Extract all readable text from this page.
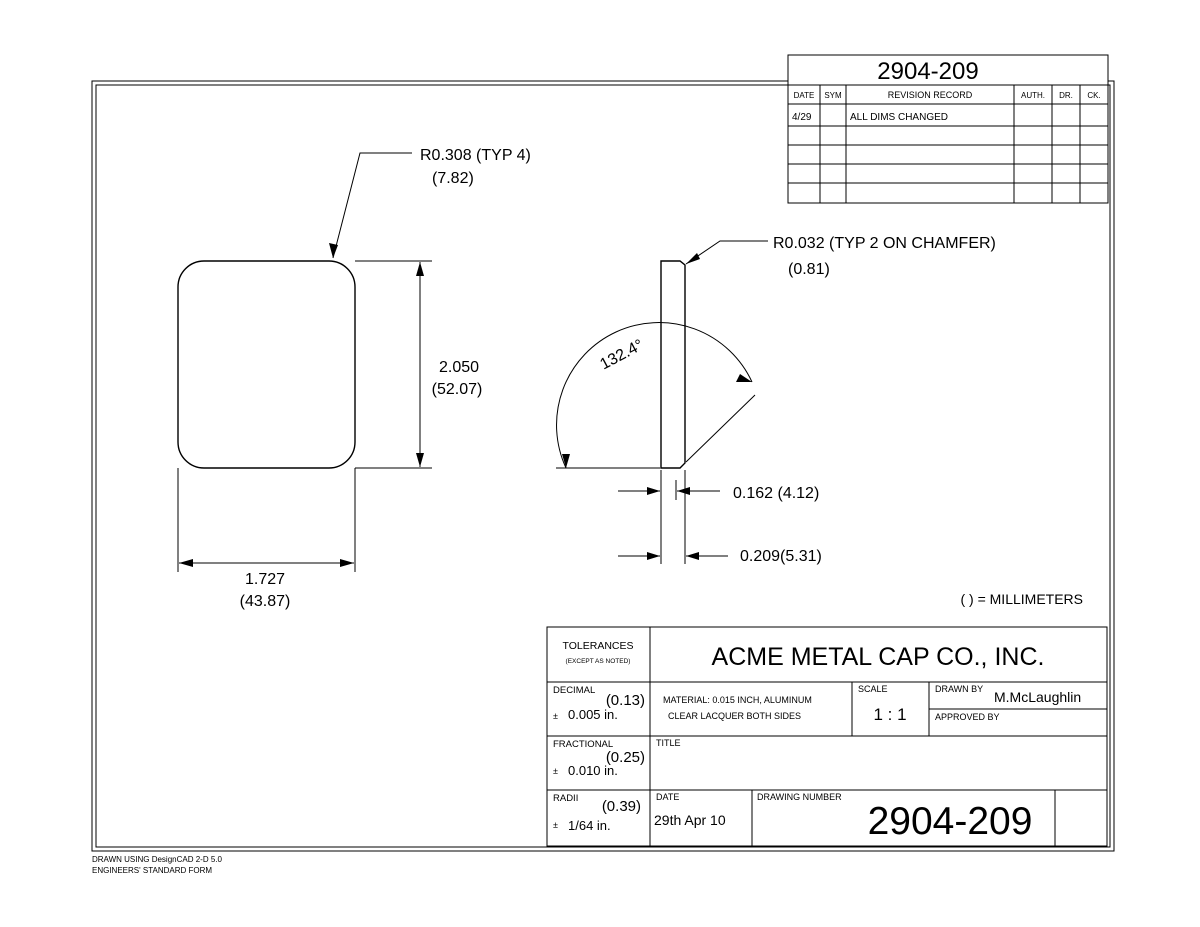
2904-209
DATE SYM	REVISION RECORD	AUTH. DR. CK.
4/29	ALL DIMS CHANGED
R0.308 (TYP 4)
(7.82)
2.050
(52.07)
1.727
(43.87)
R0.032 (TYP 2 ON CHAMFER)
(0.81)
132.4°
0.162 (4.12)
0.209(5.31)
( ) = MILLIMETERS
TOLERANCES
(EXCEPT AS NOTED)	ACME METAL CAP CO., INC.
DECIMAL
(0.13)
± 0.005 in.
FRACTIONAL
(0.25)
± 0.010 in.
RADII (0.39)
± 1/64 in.
MATERIAL: 0.015 INCH, ALUMINUM
CLEAR LACQUER BOTH SIDES
SCALE
1 : 1
DRAWN BY M.McLaughlin
APPROVED BY
TITLE
DATE
29th Apr 10
DRAWING NUMBER
2904-209
DRAWN USING DesignCAD 2-D 5.0
ENGINEERS' STANDARD FORM
